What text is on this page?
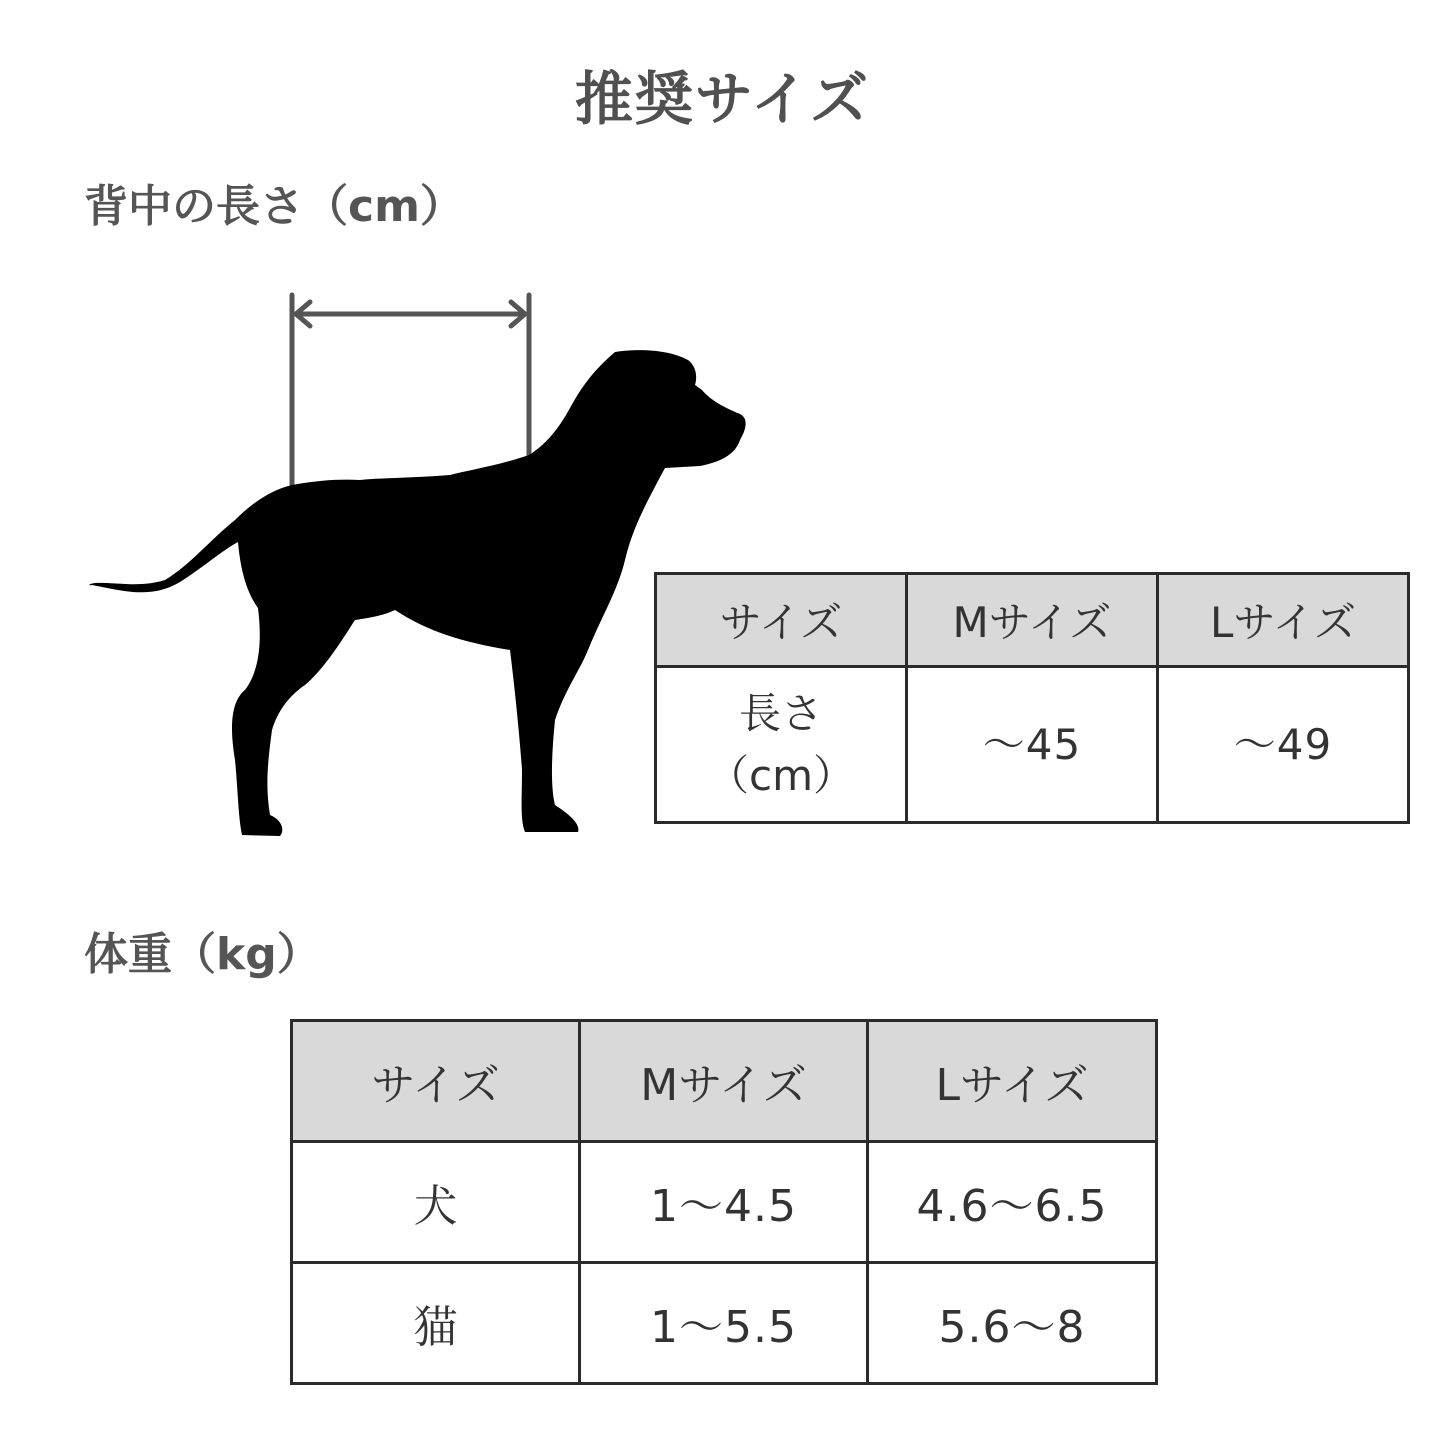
推奨サイズ
背中の長さ（cm）
サイズ	Mサイズ	Lサイズ

長さ
（cm）	〜45	〜49
体重（kg）
サイズ	Mサイズ	Lサイズ
犬	1〜4.5	4.6〜6.5
猫	1〜5.5	5.6〜8
